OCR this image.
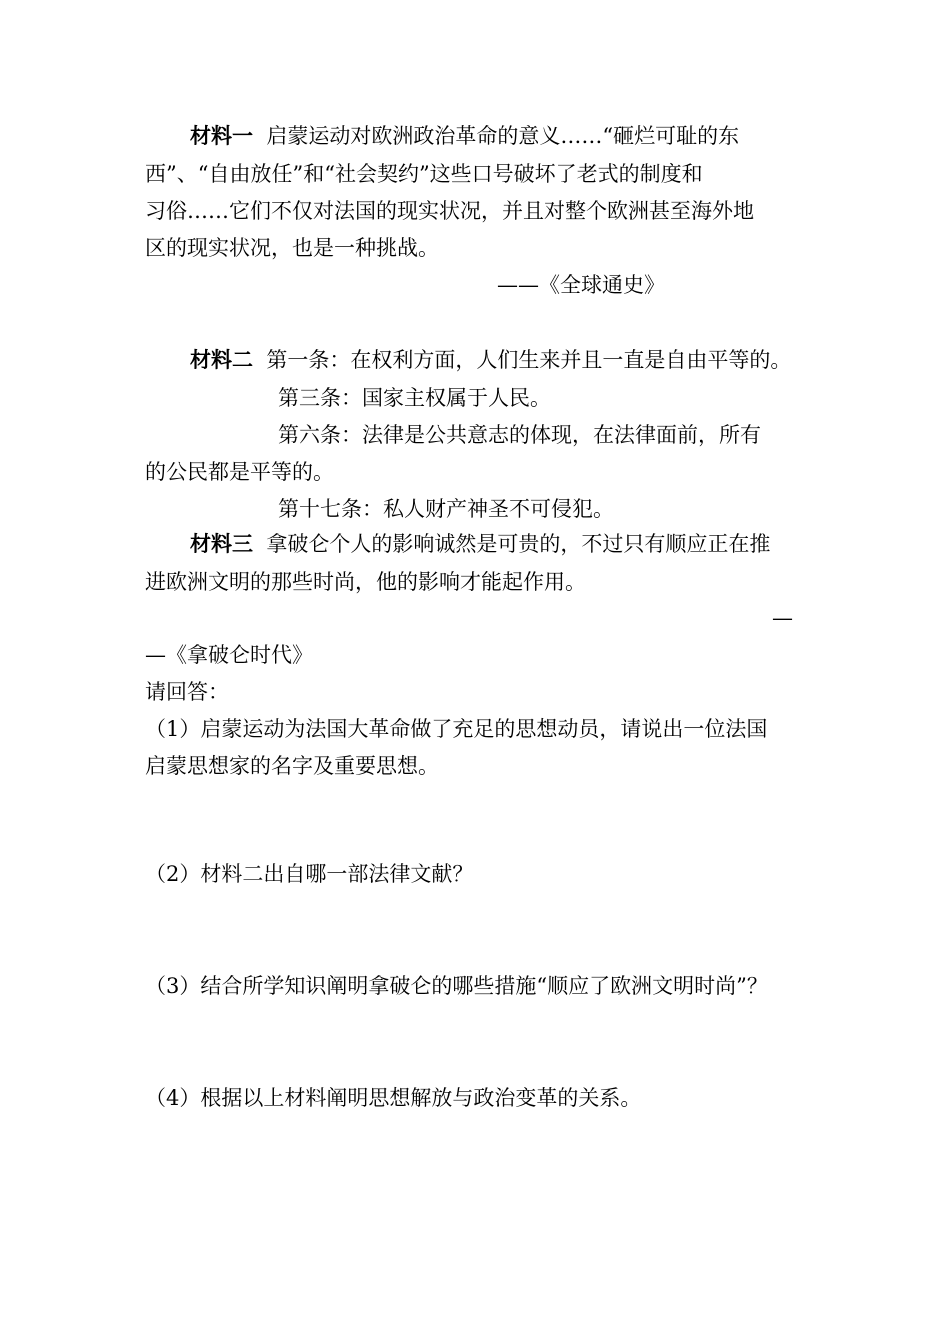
材料一 启蒙运动对欧洲政治革命的意义……“砸烂可耻的东
西”、“自由放任”和“社会契约”这些口号破坏了老式的制度和
习俗……它们不仅对法国的现实状况，并且对整个欧洲甚至海外地
区的现实状况，也是一种挑战。
——《全球通史》
材料二 第一条：在权利方面，人们生来并且一直是自由平等的。
第三条：国家主权属于人民。
第六条：法律是公共意志的体现，在法律面前，所有
的公民都是平等的。
第十七条：私人财产神圣不可侵犯。
材料三 拿破仑个人的影响诚然是可贵的，不过只有顺应正在推
进欧洲文明的那些时尚，他的影响才能起作用。
—
—《拿破仑时代》
请回答：
（1）启蒙运动为法国大革命做了充足的思想动员，请说出一位法国
启蒙思想家的名字及重要思想。
（2）材料二出自哪一部法律文献？
（3）结合所学知识阐明拿破仑的哪些措施“顺应了欧洲文明时尚”？
（4）根据以上材料阐明思想解放与政治变革的关系。
